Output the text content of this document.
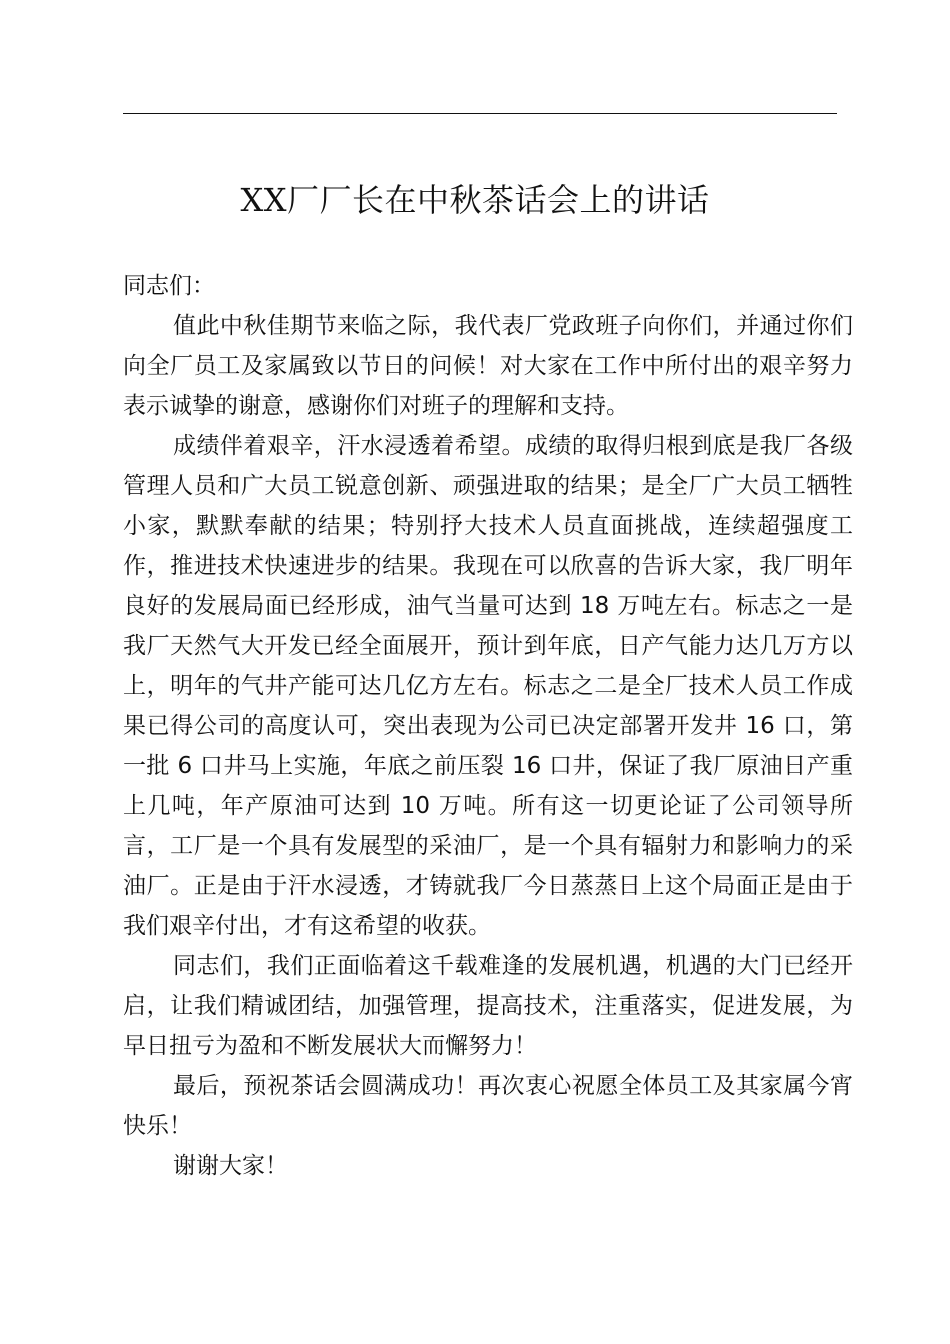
XX厂厂长在中秋茶话会上的讲话

同志们：

值此中秋佳期节来临之际，我代表厂党政班子向你们，并通过你们向全厂员工及家属致以节日的问候！对大家在工作中所付出的艰辛努力表示诚挚的谢意，感谢你们对班子的理解和支持。

成绩伴着艰辛，汗水浸透着希望。成绩的取得归根到底是我厂各级管理人员和广大员工锐意创新、顽强进取的结果；是全厂广大员工牺牲小家，默默奉献的结果；特别抒大技术人员直面挑战，连续超强度工作，推进技术快速进步的结果。我现在可以欣喜的告诉大家，我厂明年良好的发展局面已经形成，油气当量可达到 18 万吨左右。标志之一是我厂天然气大开发已经全面展开，预计到年底，日产气能力达几万方以上，明年的气井产能可达几亿方左右。标志之二是全厂技术人员工作成果已得公司的高度认可，突出表现为公司已决定部署开发井 16 口，第一批 6 口井马上实施，年底之前压裂 16 口井，保证了我厂原油日产重上几吨，年产原油可达到 10 万吨。所有这一切更论证了公司领导所言，工厂是一个具有发展型的采油厂，是一个具有辐射力和影响力的采油厂。正是由于汗水浸透，才铸就我厂今日蒸蒸日上这个局面正是由于我们艰辛付出，才有这希望的收获。

同志们，我们正面临着这千载难逢的发展机遇，机遇的大门已经开启，让我们精诚团结，加强管理，提高技术，注重落实，促进发展，为早日扭亏为盈和不断发展状大而懈努力！

最后，预祝茶话会圆满成功！再次衷心祝愿全体员工及其家属今宵快乐！

谢谢大家！
